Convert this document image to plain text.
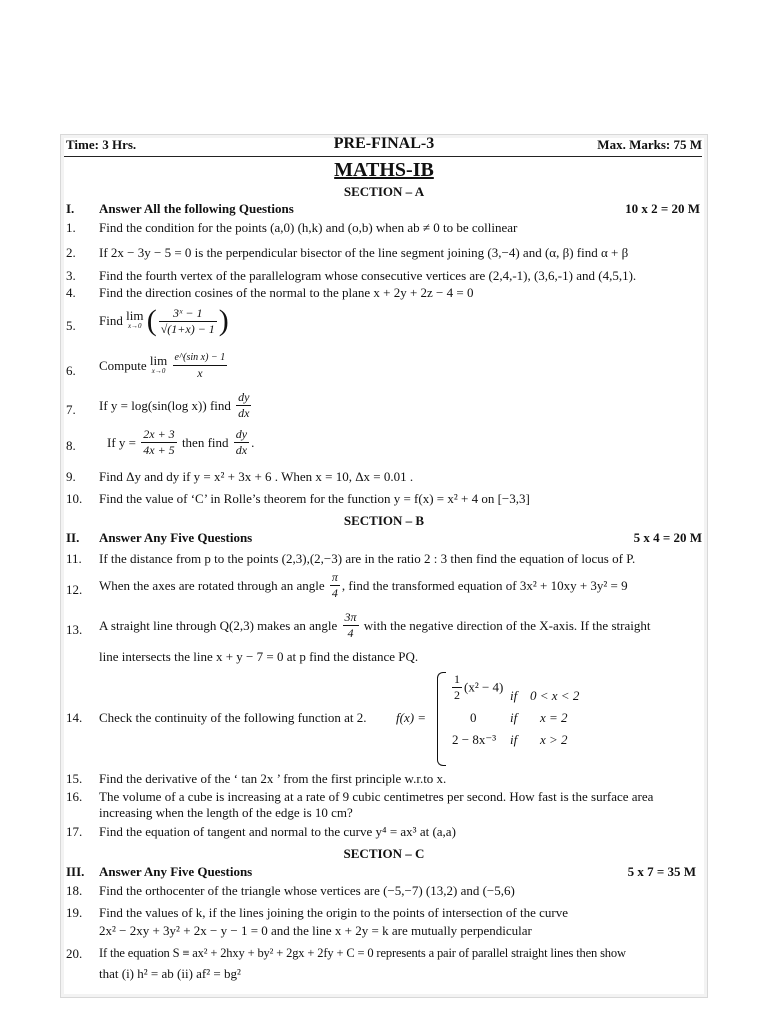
Time: 3 Hrs.	PRE-FINAL-3	Max. Marks: 75 M
MATHS-IB
SECTION – A
I. Answer All the following Questions	10 x 2 = 20 M
1. Find the condition for the points (a,0) (h,k) and (o,b) when ab ≠ 0 to be collinear
2. If 2x − 3y − 5 = 0 is the perpendicular bisector of the line segment joining (3,−4) and (α, β) find α + β
3. Find the fourth vertex of the parallelogram whose consecutive vertices are (2,4,-1), (3,6,-1) and (4,5,1).
4. Find the direction cosines of the normal to the plane x + 2y + 2z − 4 = 0
5. Find lim
x→0 ( $\frac{\text{3ˣ − 1}}{√(1+x) - 1}$ )
6. Compute lim
x→0
$\frac{\text{e\textasciicircum{}(sin x) − 1}}{x}$
7. If y = log(sin(log x)) find $\frac{dy}{dx}$
8. If $y = \frac{2x + 3}{4x + 5}$ then find $\frac{dy}{dx}$ .
9. Find Δy and dy if y = x² + 3x + 6 . When x = 10, Δx = 0.01 .
10. Find the value of ‘C’ in Rolle’s theorem for the function y = f(x) = x² + 4 on [−3,3]
SECTION – B
II. Answer Any Five Questions	5 x 4 = 20 M
11. If the distance from p to the points (2,3),(2,−3) are in the ratio 2 : 3 then find the equation of locus of P.
12. When the axes are rotated through an angle $\frac{\pi}{4}$ , find the transformed equation of 3x² + 10xy + 3y² = 9
13. A straight line through Q(2,3) makes an angle $\frac{3\pi}{4}$ with the negative direction of the X-axis. If the straight
line intersects the line x + y − 7 = 0 at p find the distance PQ.
14. Check the continuity of the following function at 2. f(x) =
$\frac{1}{2} (x^2 - 4)$
if 0 < x < 2
0	if x = 2
2 − 8x⁻³ if x > 2
15. Find the derivative of the ‘ tan 2x ’ from the first principle w.r.to x.
16. The volume of a cube is increasing at a rate of 9 cubic centimetres per second. How fast is the surface area
increasing when the length of the edge is 10 cm?
17. Find the equation of tangent and normal to the curve y⁴ = ax³ at (a,a)
SECTION – C
III. Answer Any Five Questions	5 x 7 = 35 M
18. Find the orthocenter of the triangle whose vertices are (−5,−7) (13,2) and (−5,6)
19. Find the values of k, if the lines joining the origin to the points of intersection of the curve
2x² − 2xy + 3y² + 2x − y − 1 = 0 and the line x + 2y = k are mutually perpendicular
20. If the equation S ≡ ax² + 2hxy + by² + 2gx + 2fy + C = 0 represents a pair of parallel straight lines then show
that (i) h² = ab (ii) af² = bg²
